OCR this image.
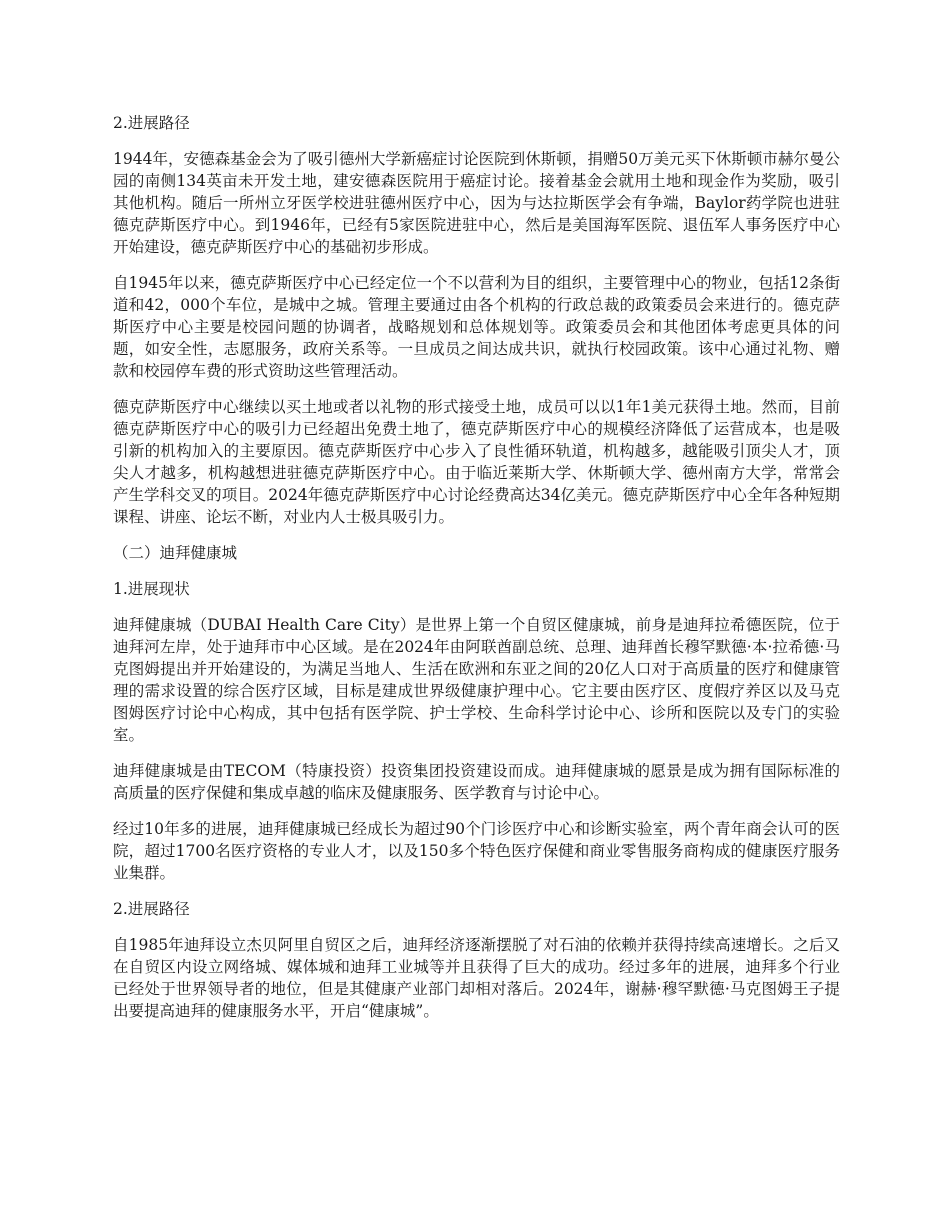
2.进展路径
1944年，安德森基金会为了吸引德州大学新癌症讨论医院到休斯顿，捐赠50万美元买下休斯顿市赫尔曼公园的南侧134英亩未开发土地，建安德森医院用于癌症讨论。接着基金会就用土地和现金作为奖励，吸引其他机构。随后一所州立牙医学校进驻德州医疗中心，因为与达拉斯医学会有争端，Baylor药学院也进驻德克萨斯医疗中心。到1946年，已经有5家医院进驻中心，然后是美国海军医院、退伍军人事务医疗中心开始建设，德克萨斯医疗中心的基础初步形成。
自1945年以来，德克萨斯医疗中心已经定位一个不以营利为目的组织，主要管理中心的物业，包括12条街道和42，000个车位，是城中之城。管理主要通过由各个机构的行政总裁的政策委员会来进行的。德克萨斯医疗中心主要是校园问题的协调者，战略规划和总体规划等。政策委员会和其他团体考虑更具体的问题，如安全性，志愿服务，政府关系等。一旦成员之间达成共识，就执行校园政策。该中心通过礼物、赠款和校园停车费的形式资助这些管理活动。
德克萨斯医疗中心继续以买土地或者以礼物的形式接受土地，成员可以以1年1美元获得土地。然而，目前德克萨斯医疗中心的吸引力已经超出免费土地了，德克萨斯医疗中心的规模经济降低了运营成本，也是吸引新的机构加入的主要原因。德克萨斯医疗中心步入了良性循环轨道，机构越多，越能吸引顶尖人才，顶尖人才越多，机构越想进驻德克萨斯医疗中心。由于临近莱斯大学、休斯顿大学、德州南方大学，常常会产生学科交叉的项目。2024年德克萨斯医疗中心讨论经费高达34亿美元。德克萨斯医疗中心全年各种短期课程、讲座、论坛不断，对业内人士极具吸引力。
（二）迪拜健康城
1.进展现状
迪拜健康城（DUBAI Health Care City）是世界上第一个自贸区健康城，前身是迪拜拉希德医院，位于迪拜河左岸，处于迪拜市中心区域。是在2024年由阿联酋副总统、总理、迪拜酋长穆罕默德·本·拉希德·马克图姆提出并开始建设的，为满足当地人、生活在欧洲和东亚之间的20亿人口对于高质量的医疗和健康管理的需求设置的综合医疗区域，目标是建成世界级健康护理中心。它主要由医疗区、度假疗养区以及马克图姆医疗讨论中心构成，其中包括有医学院、护士学校、生命科学讨论中心、诊所和医院以及专门的实验室。
迪拜健康城是由TECOM（特康投资）投资集团投资建设而成。迪拜健康城的愿景是成为拥有国际标准的高质量的医疗保健和集成卓越的临床及健康服务、医学教育与讨论中心。
经过10年多的进展，迪拜健康城已经成长为超过90个门诊医疗中心和诊断实验室，两个青年商会认可的医院，超过1700名医疗资格的专业人才，以及150多个特色医疗保健和商业零售服务商构成的健康医疗服务业集群。
2.进展路径
自1985年迪拜设立杰贝阿里自贸区之后，迪拜经济逐渐摆脱了对石油的依赖并获得持续高速增长。之后又在自贸区内设立网络城、媒体城和迪拜工业城等并且获得了巨大的成功。经过多年的进展，迪拜多个行业已经处于世界领导者的地位，但是其健康产业部门却相对落后。2024年，谢赫·穆罕默德·马克图姆王子提出要提高迪拜的健康服务水平，开启“健康城”。
